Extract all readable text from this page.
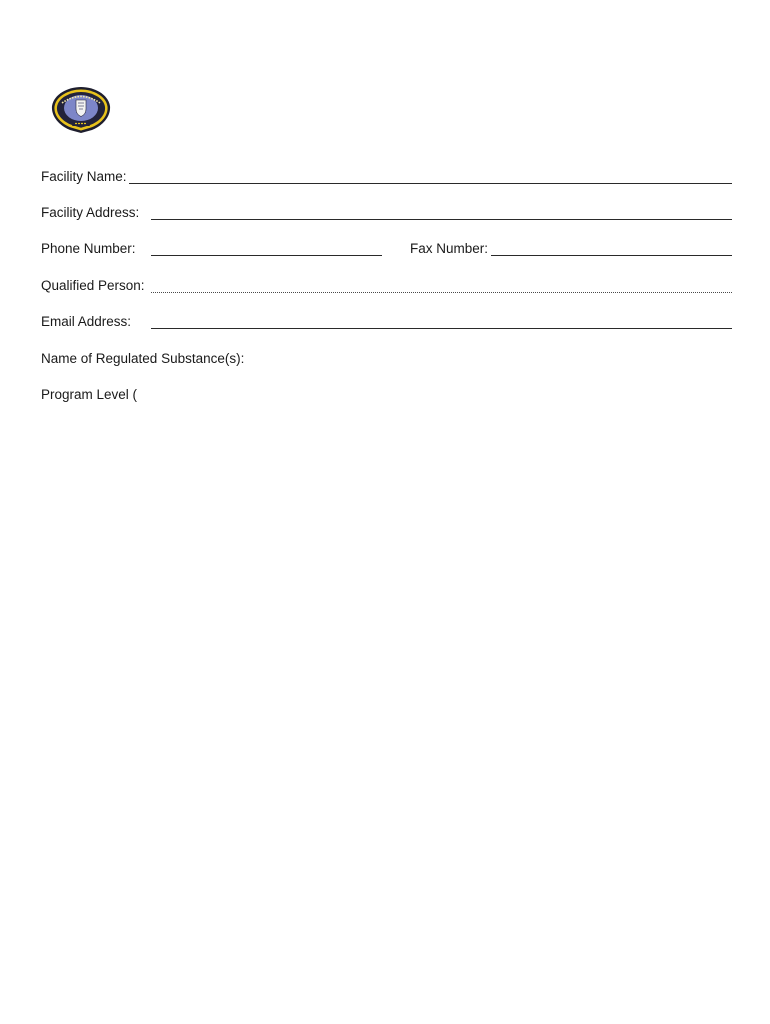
Facility Name:
Facility Address:
Phone Number:	Fax Number:
Qualified Person:
Email Address:
Name of Regulated Substance(s):
Program Level (
